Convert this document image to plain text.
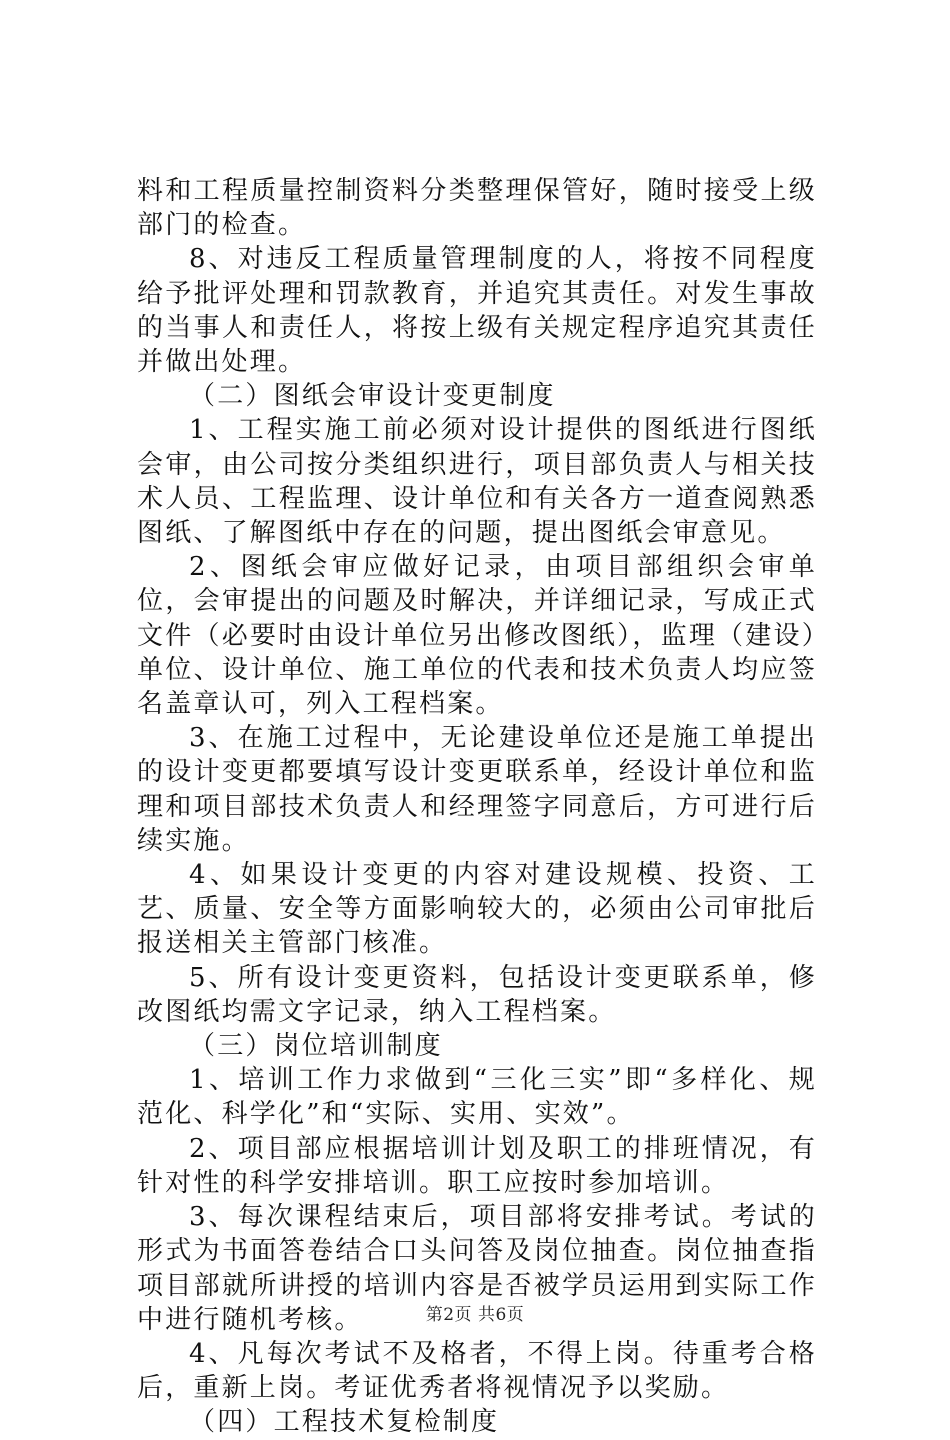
料和工程质量控制资料分类整理保管好，随时接受上级部门的检查。

8、对违反工程质量管理制度的人，将按不同程度给予批评处理和罚款教育，并追究其责任。对发生事故的当事人和责任人，将按上级有关规定程序追究其责任并做出处理。

（二）图纸会审设计变更制度

1、工程实施工前必须对设计提供的图纸进行图纸会审，由公司按分类组织进行，项目部负责人与相关技术人员、工程监理、设计单位和有关各方一道查阅熟悉图纸、了解图纸中存在的问题，提出图纸会审意见。

2、图纸会审应做好记录，由项目部组织会审单位，会审提出的问题及时解决，并详细记录，写成正式文件（必要时由设计单位另出修改图纸），监理（建设）单位、设计单位、施工单位的代表和技术负责人均应签名盖章认可，列入工程档案。

3、在施工过程中，无论建设单位还是施工单提出的设计变更都要填写设计变更联系单，经设计单位和监理和项目部技术负责人和经理签字同意后，方可进行后续实施。

4、如果设计变更的内容对建设规模、投资、工艺、质量、安全等方面影响较大的，必须由公司审批后报送相关主管部门核准。

5、所有设计变更资料，包括设计变更联系单，修改图纸均需文字记录，纳入工程档案。

（三）岗位培训制度

1、培训工作力求做到“三化三实”即“多样化、规范化、科学化”和“实际、实用、实效”。

2、项目部应根据培训计划及职工的排班情况，有针对性的科学安排培训。职工应按时参加培训。

3、每次课程结束后，项目部将安排考试。考试的形式为书面答卷结合口头问答及岗位抽查。岗位抽查指项目部就所讲授的培训内容是否被学员运用到实际工作中进行随机考核。

4、凡每次考试不及格者，不得上岗。待重考合格后，重新上岗。考证优秀者将视情况予以奖励。

（四）工程技术复检制度

第2页 共6页
